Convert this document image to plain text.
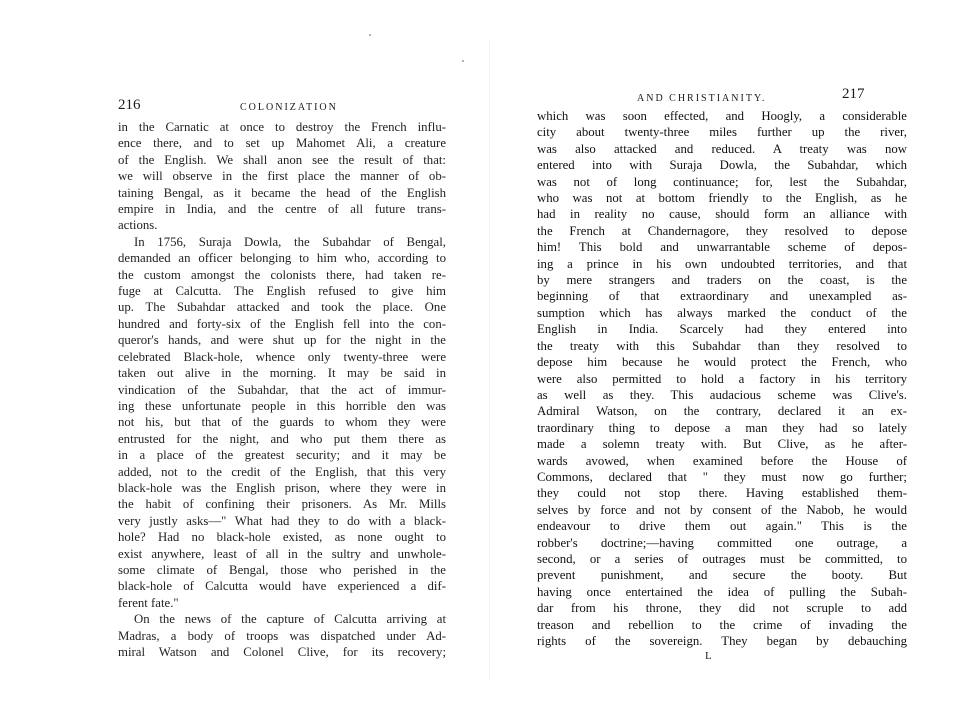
216	COLONIZATION
in the Carnatic at once to destroy the French influ-
ence there, and to set up Mahomet Ali, a creature
of the English. We shall anon see the result of that:
we will observe in the first place the manner of ob-
taining Bengal, as it became the head of the English
empire in India, and the centre of all future trans-
actions.
In 1756, Suraja Dowla, the Subahdar of Bengal,
demanded an officer belonging to him who, according to
the custom amongst the colonists there, had taken re-
fuge at Calcutta. The English refused to give him
up. The Subahdar attacked and took the place. One
hundred and forty-six of the English fell into the con-
queror's hands, and were shut up for the night in the
celebrated Black-hole, whence only twenty-three were
taken out alive in the morning. It may be said in
vindication of the Subahdar, that the act of immur-
ing these unfortunate people in this horrible den was
not his, but that of the guards to whom they were
entrusted for the night, and who put them there as
in a place of the greatest security; and it may be
added, not to the credit of the English, that this very
black-hole was the English prison, where they were in
the habit of confining their prisoners. As Mr. Mills
very justly asks—" What had they to do with a black-
hole? Had no black-hole existed, as none ought to
exist anywhere, least of all in the sultry and unwhole-
some climate of Bengal, those who perished in the
black-hole of Calcutta would have experienced a dif-
ferent fate."
On the news of the capture of Calcutta arriving at
Madras, a body of troops was dispatched under Ad-
miral Watson and Colonel Clive, for its recovery;
AND CHRISTIANITY.	217
which was soon effected, and Hoogly, a considerable
city about twenty-three miles further up the river,
was also attacked and reduced. A treaty was now
entered into with Suraja Dowla, the Subahdar, which
was not of long continuance; for, lest the Subahdar,
who was not at bottom friendly to the English, as he
had in reality no cause, should form an alliance with
the French at Chandernagore, they resolved to depose
him! This bold and unwarrantable scheme of depos-
ing a prince in his own undoubted territories, and that
by mere strangers and traders on the coast, is the
beginning of that extraordinary and unexampled as-
sumption which has always marked the conduct of the
English in India. Scarcely had they entered into
the treaty with this Subahdar than they resolved to
depose him because he would protect the French, who
were also permitted to hold a factory in his territory
as well as they. This audacious scheme was Clive's.
Admiral Watson, on the contrary, declared it an ex-
traordinary thing to depose a man they had so lately
made a solemn treaty with. But Clive, as he after-
wards avowed, when examined before the House of
Commons, declared that " they must now go further;
they could not stop there. Having established them-
selves by force and not by consent of the Nabob, he would
endeavour to drive them out again." This is the
robber's doctrine;—having committed one outrage, a
second, or a series of outrages must be committed, to
prevent punishment, and secure the booty. But
having once entertained the idea of pulling the Subah-
dar from his throne, they did not scruple to add
treason and rebellion to the crime of invading the
rights of the sovereign. They began by debauching
L
